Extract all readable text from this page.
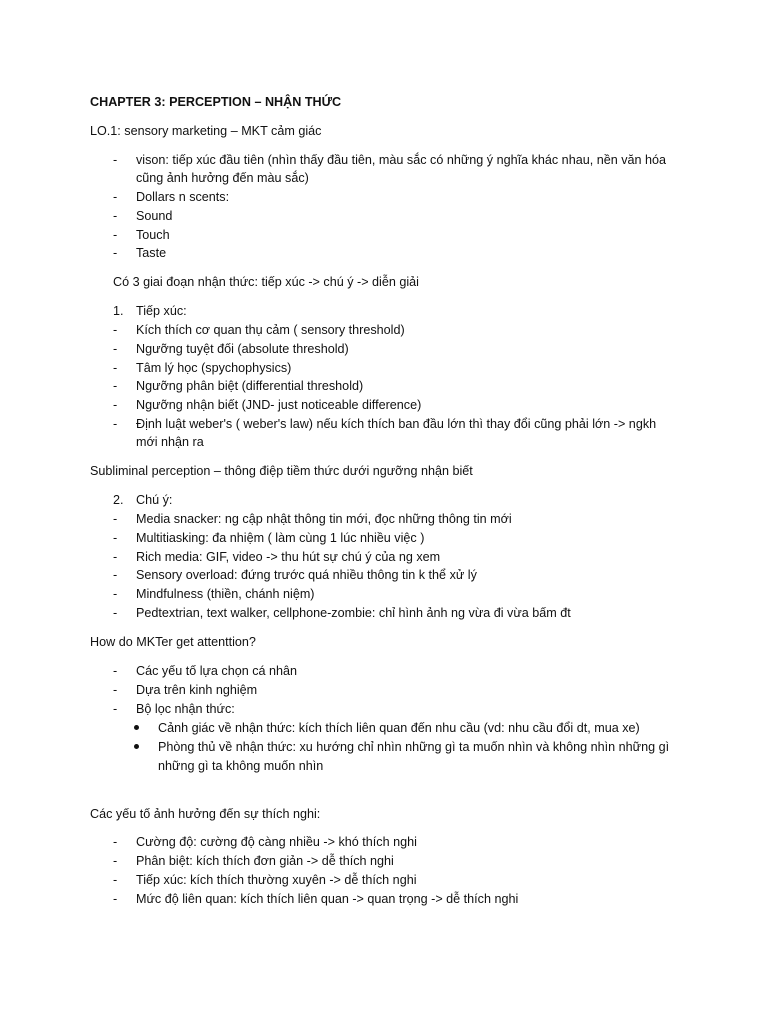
CHAPTER 3: PERCEPTION – NHẬN THỨC
LO.1: sensory marketing – MKT cảm giác
- vison: tiếp xúc đầu tiên (nhìn thấy đầu tiên, màu sắc có những ý nghĩa khác nhau, nền văn hóa
cũng ảnh hưởng đến màu sắc)
- Dollars n scents:
- Sound
- Touch
- Taste
Có 3 giai đoạn nhận thức: tiếp xúc -> chú ý -> diễn giải
1. Tiếp xúc:
- Kích thích cơ quan thụ cảm ( sensory threshold)
- Ngưỡng tuyệt đối (absolute threshold)
- Tâm lý học (spychophysics)
- Ngưỡng phân biệt (differential threshold)
- Ngưỡng nhận biết (JND- just noticeable difference)
- Định luật weber's ( weber's law) nếu kích thích ban đầu lớn thì thay đổi cũng phải lớn -> ngkh
mới nhận ra
Subliminal perception – thông điệp tiềm thức dưới ngưỡng nhận biết
2. Chú ý:
- Media snacker: ng cập nhật thông tin mới, đọc những thông tin mới
- Multitiasking: đa nhiệm ( làm cùng 1 lúc nhiều việc )
- Rich media: GIF, video -> thu hút sự chú ý của ng xem
- Sensory overload: đứng trước quá nhiều thông tin k thể xử lý
- Mindfulness (thiền, chánh niệm)
- Pedtextrian, text walker, cellphone-zombie: chỉ hình ảnh ng vừa đi vừa bấm đt
How do MKTer get attenttion?
- Các yếu tố lựa chọn cá nhân
- Dựa trên kinh nghiệm
- Bộ lọc nhận thức:
Cảnh giác về nhận thức: kích thích liên quan đến nhu cầu (vd: nhu cầu đổi dt, mua xe)
Phòng thủ về nhận thức: xu hướng chỉ nhìn những gì ta muốn nhìn và không nhìn những gì
những gì ta không muốn nhìn
Các yếu tố ảnh hưởng đến sự thích nghi:
- Cường độ: cường độ càng nhiều -> khó thích nghi
- Phân biệt: kích thích đơn giản -> dễ thích nghi
- Tiếp xúc: kích thích thường xuyên -> dễ thích nghi
- Mức độ liên quan: kích thích liên quan -> quan trọng -> dễ thích nghi
